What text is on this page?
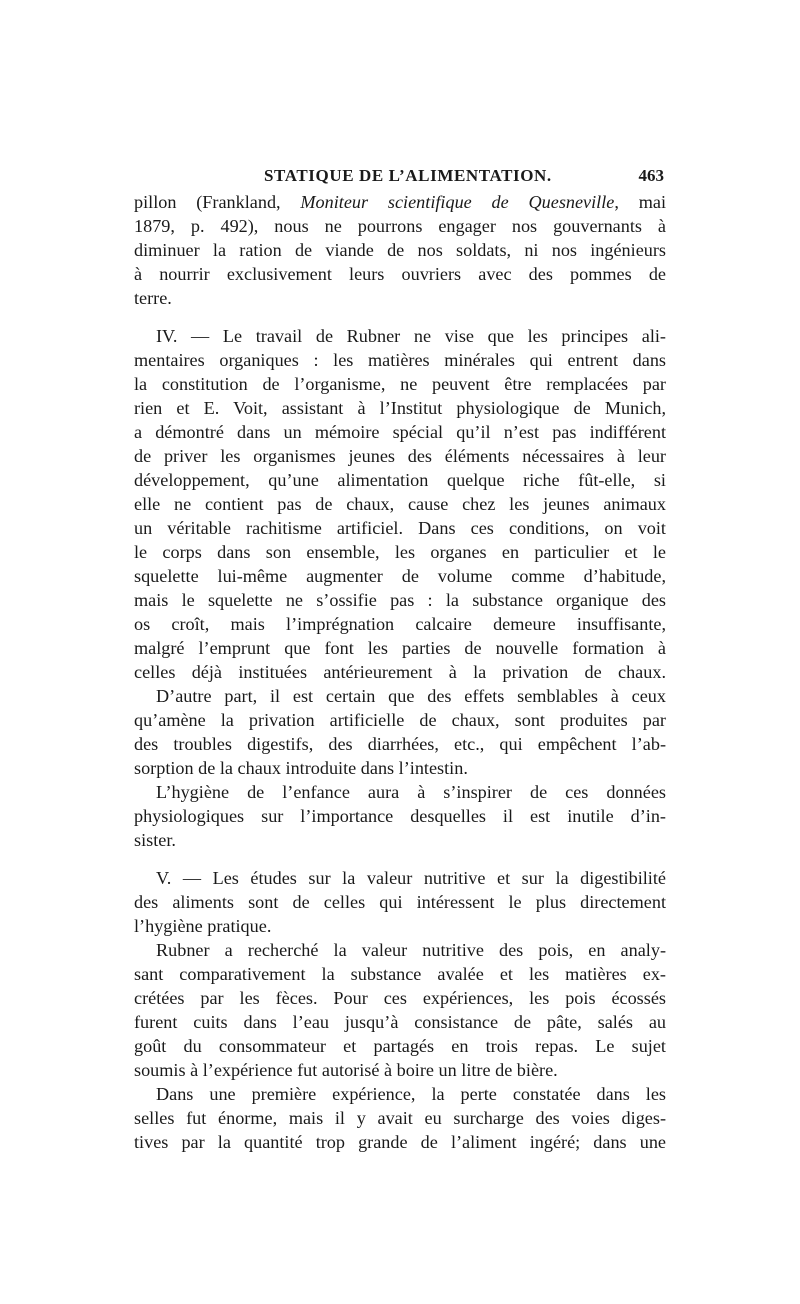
STATIQUE DE L’ALIMENTATION.	463
pillon (Frankland, Moniteur scientifique de Quesneville, mai
1879, p. 492), nous ne pourrons engager nos gouvernants à
diminuer la ration de viande de nos soldats, ni nos ingénieurs
à nourrir exclusivement leurs ouvriers avec des pommes de
terre.
IV. — Le travail de Rubner ne vise que les principes ali-
mentaires organiques : les matières minérales qui entrent dans
la constitution de l’organisme, ne peuvent être remplacées par
rien et E. Voit, assistant à l’Institut physiologique de Munich,
a démontré dans un mémoire spécial qu’il n’est pas indifférent
de priver les organismes jeunes des éléments nécessaires à leur
développement, qu’une alimentation quelque riche fût-elle, si
elle ne contient pas de chaux, cause chez les jeunes animaux
un véritable rachitisme artificiel. Dans ces conditions, on voit
le corps dans son ensemble, les organes en particulier et le
squelette lui-même augmenter de volume comme d’habitude,
mais le squelette ne s’ossifie pas : la substance organique des
os croît, mais l’imprégnation calcaire demeure insuffisante,
malgré l’emprunt que font les parties de nouvelle formation à
celles déjà instituées antérieurement à la privation de chaux.
D’autre part, il est certain que des effets semblables à ceux
qu’amène la privation artificielle de chaux, sont produites par
des troubles digestifs, des diarrhées, etc., qui empêchent l’ab-
sorption de la chaux introduite dans l’intestin.
L’hygiène de l’enfance aura à s’inspirer de ces données
physiologiques sur l’importance desquelles il est inutile d’in-
sister.
V. — Les études sur la valeur nutritive et sur la digestibilité
des aliments sont de celles qui intéressent le plus directement
l’hygiène pratique.
Rubner a recherché la valeur nutritive des pois, en analy-
sant comparativement la substance avalée et les matières ex-
crétées par les fèces. Pour ces expériences, les pois écossés
furent cuits dans l’eau jusqu’à consistance de pâte, salés au
goût du consommateur et partagés en trois repas. Le sujet
soumis à l’expérience fut autorisé à boire un litre de bière.
Dans une première expérience, la perte constatée dans les
selles fut énorme, mais il y avait eu surcharge des voies diges-
tives par la quantité trop grande de l’aliment ingéré; dans une
